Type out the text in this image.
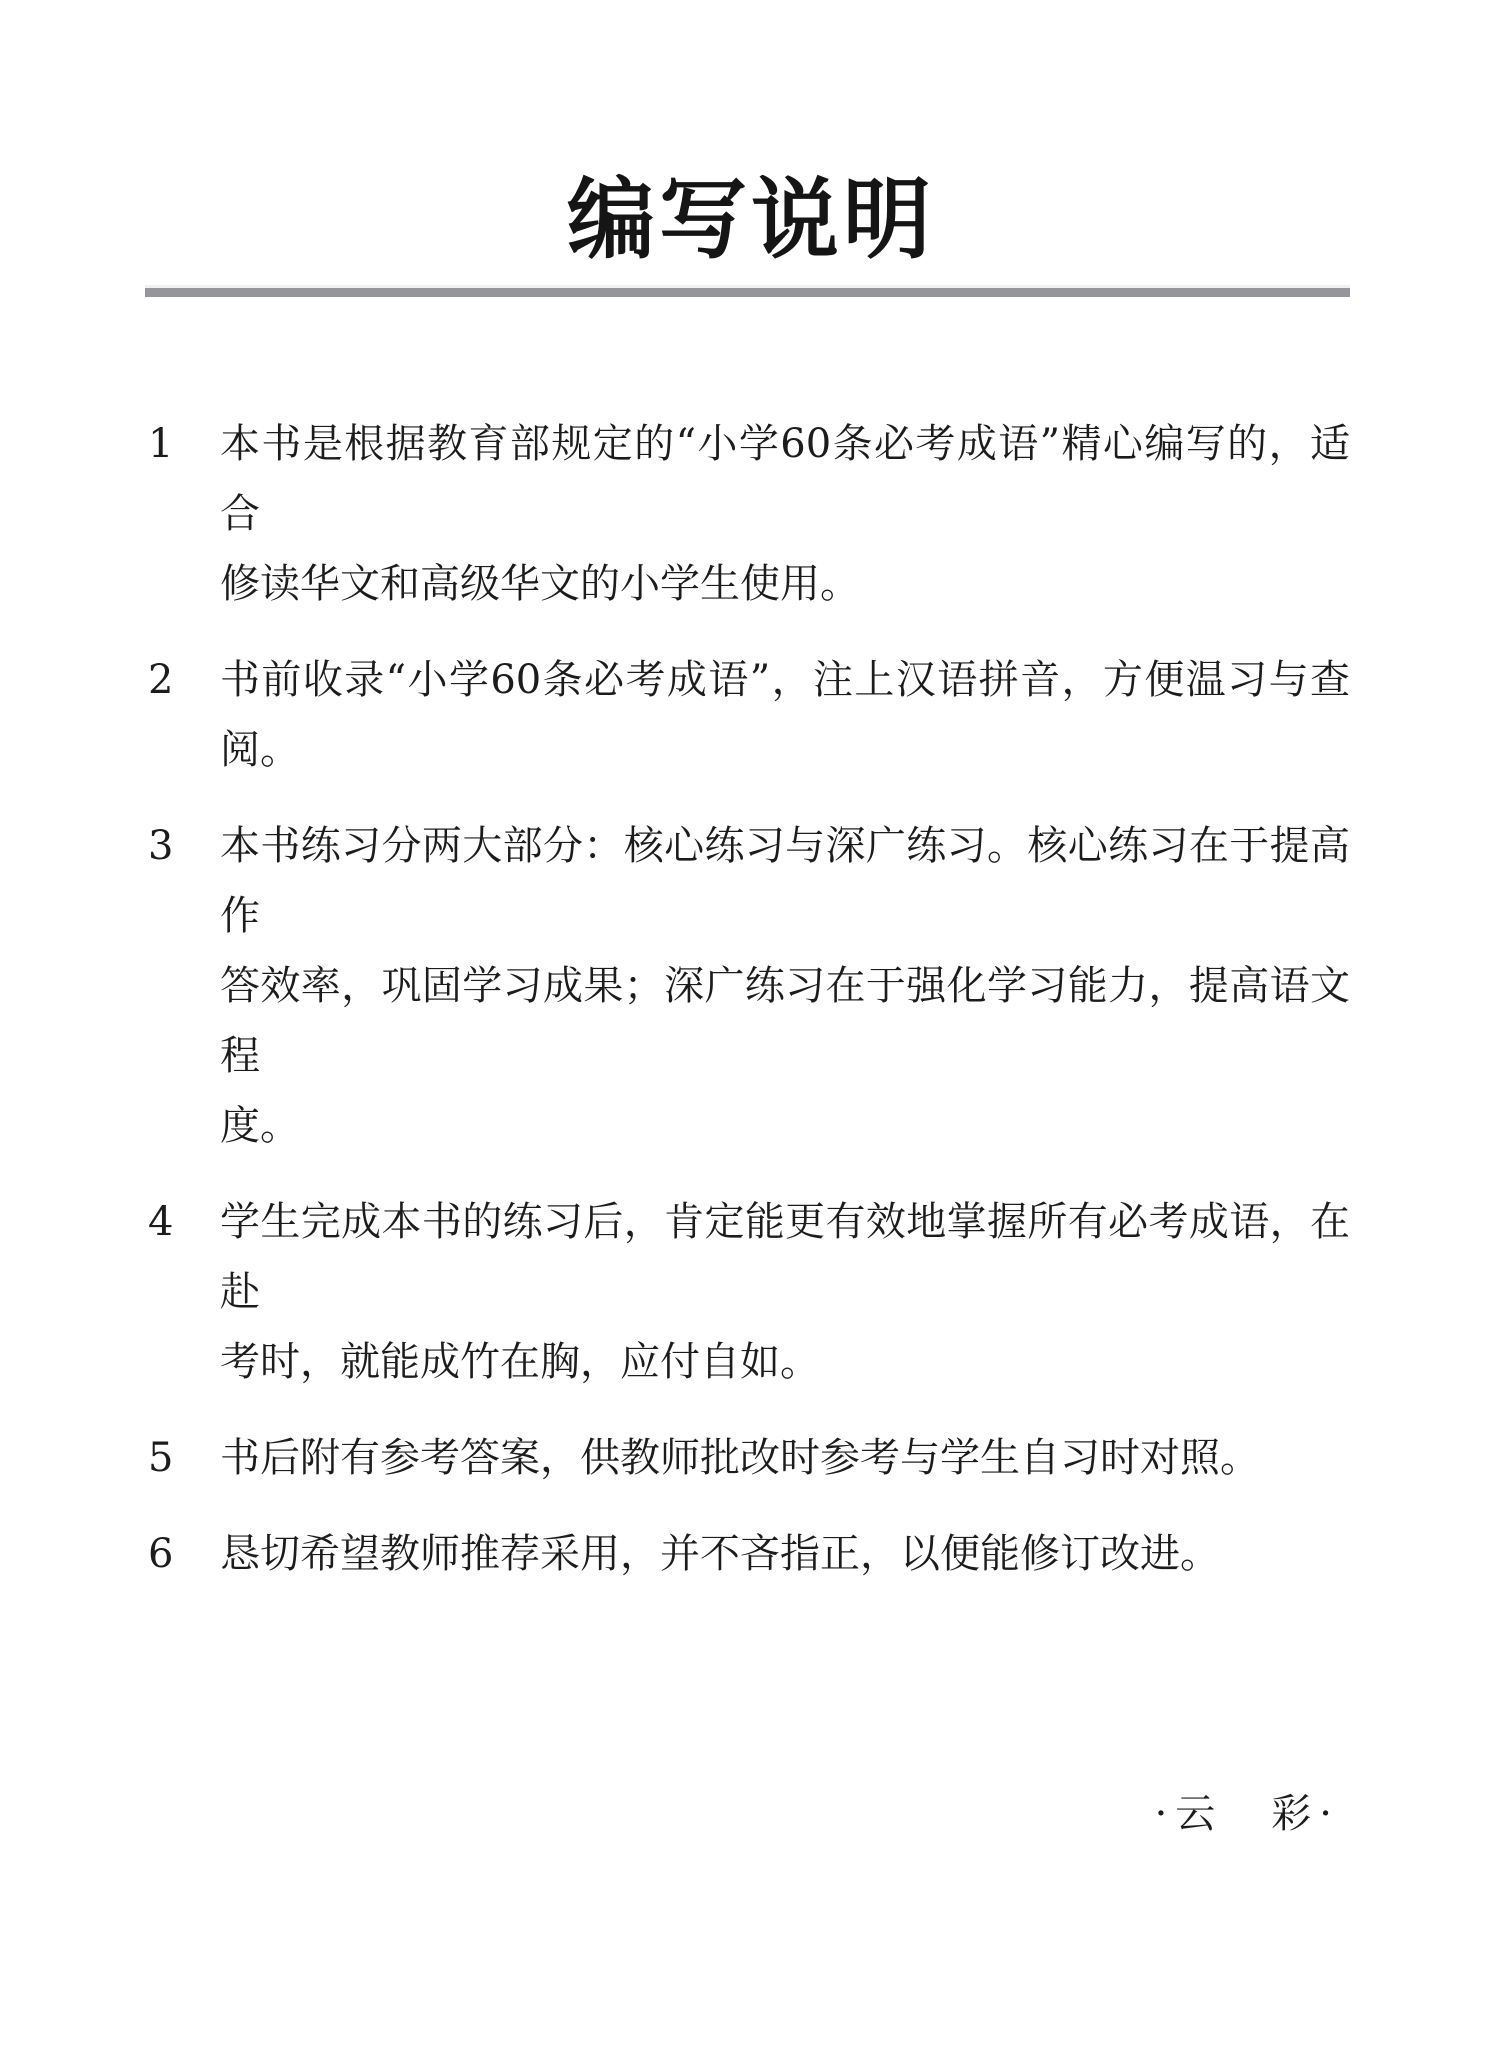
编写说明
1	本书是根据教育部规定的“小学60条必考成语”精心编写的，适合
修读华文和高级华文的小学生使用。
2	书前收录“小学60条必考成语”，注上汉语拼音，方便温习与查
阅。
3	本书练习分两大部分：核心练习与深广练习。核心练习在于提高作
答效率，巩固学习成果；深广练习在于强化学习能力，提高语文程
度。
4	学生完成本书的练习后，肯定能更有效地掌握所有必考成语，在赴
考时，就能成竹在胸，应付自如。
5	书后附有参考答案，供教师批改时参考与学生自习时对照。
6	恳切希望教师推荐采用，并不吝指正，以便能修订改进。
·云　彩·
